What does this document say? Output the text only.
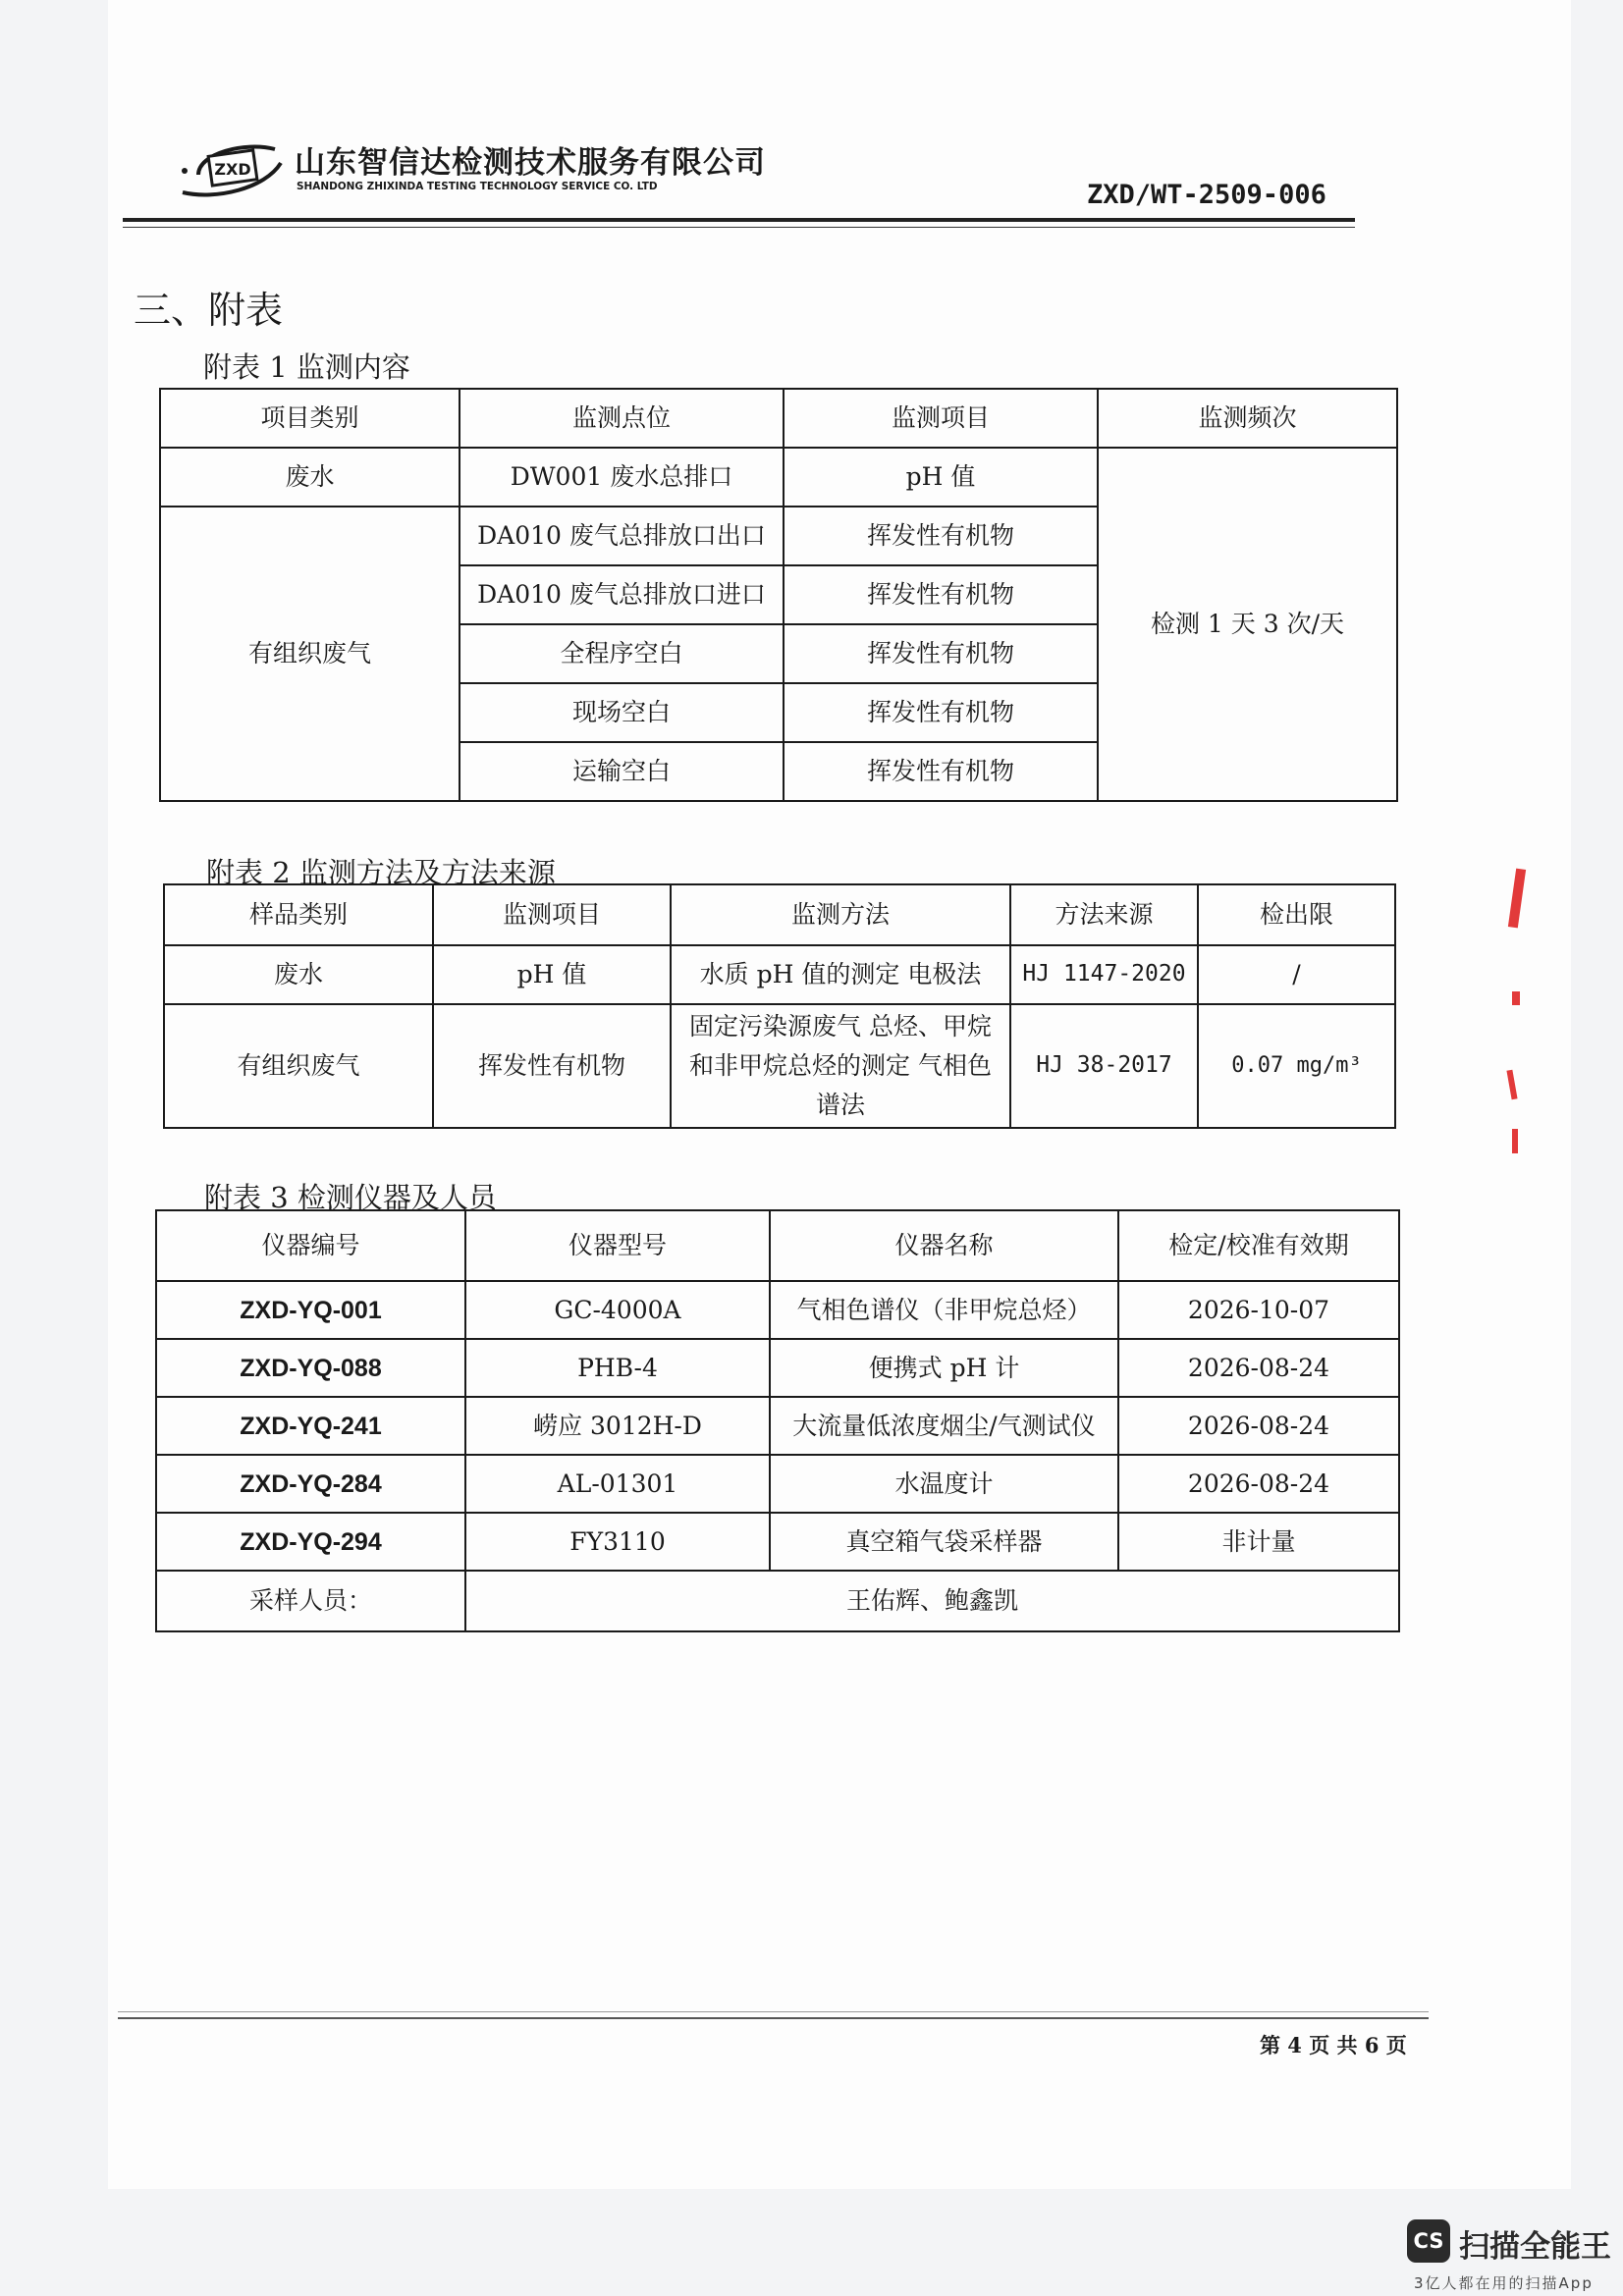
ZXD 山东智信达检测技术服务有限公司
SHANDONG ZHIXINDA TESTING TECHNOLOGY SERVICE CO. LTD	ZXD/WT-2509-006
三、附表
附表 1 监测内容
项目类别	监测点位	监测项目	监测频次
废水	DW001 废水总排口	pH 值	检测 1 天 3 次/天
有组织废气	DA010 废气总排放口出口	挥发性有机物	
	DA010 废气总排放口进口	挥发性有机物	
	全程序空白	挥发性有机物	
	现场空白	挥发性有机物	
	运输空白	挥发性有机物	
附表 2 监测方法及方法来源
样品类别	监测项目	监测方法	方法来源	检出限
废水	pH 值	水质 pH 值的测定 电极法	HJ 1147-2020	/
有组织废气	挥发性有机物	固定污染源废气 总烃、甲烷和非甲烷总烃的测定 气相色谱法	HJ 38-2017	0.07 mg/m³
附表 3 检测仪器及人员
仪器编号	仪器型号	仪器名称	检定/校准有效期
ZXD-YQ-001	GC-4000A	气相色谱仪（非甲烷总烃）	2026-10-07
ZXD-YQ-088	PHB-4	便携式 pH 计	2026-08-24
ZXD-YQ-241	崂应 3012H-D	大流量低浓度烟尘/气测试仪	2026-08-24
ZXD-YQ-284	AL-01301	水温度计	2026-08-24
ZXD-YQ-294	FY3110	真空箱气袋采样器	非计量
采样人员：	王佑辉、鲍鑫凯		
第 4 页 共 6 页
CS 扫描全能王
3亿人都在用的扫描App
